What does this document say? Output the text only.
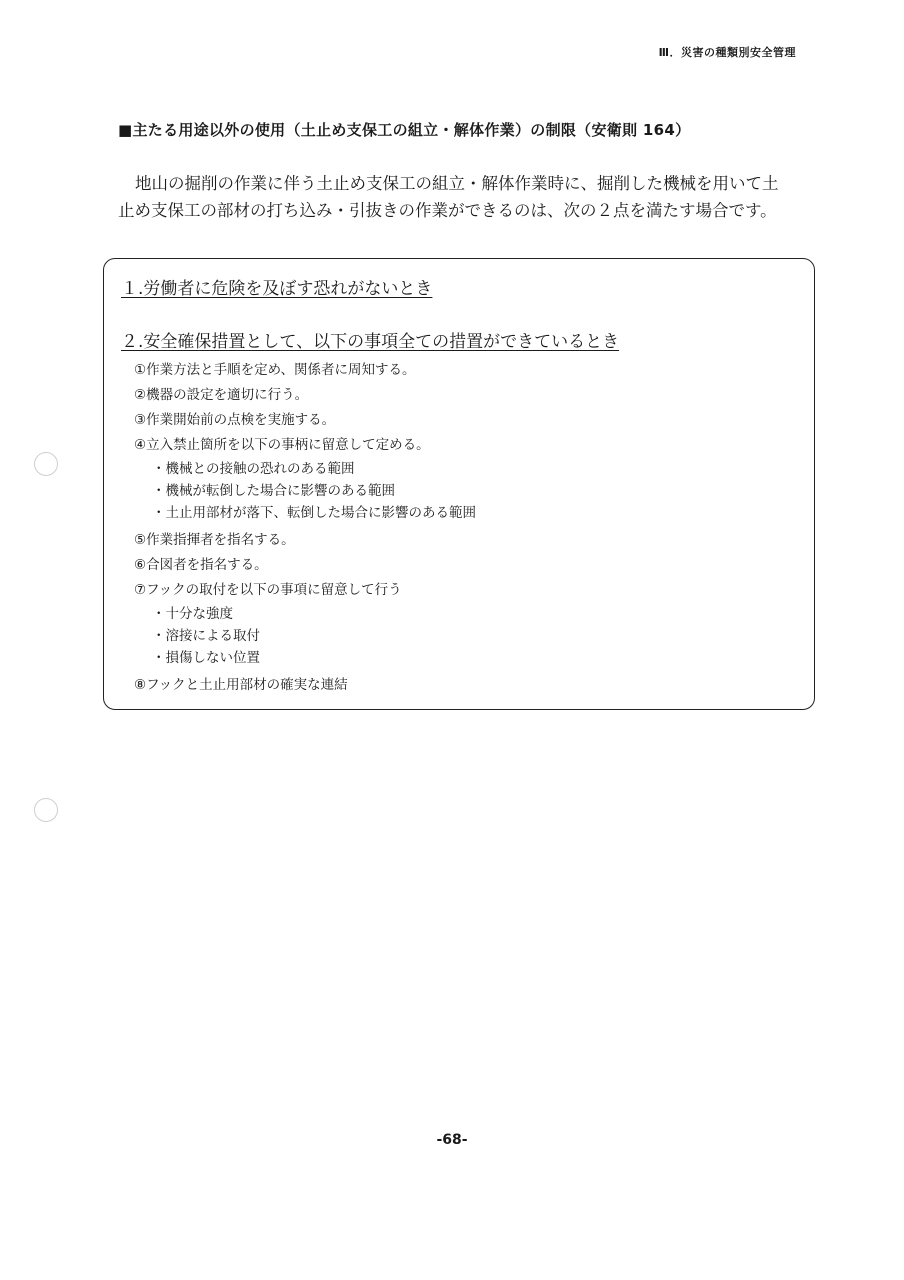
Ⅲ．災害の種類別安全管理
■主たる用途以外の使用（土止め支保工の組立・解体作業）の制限（安衛則 164）

地山の掘削の作業に伴う土止め支保工の組立・解体作業時に、掘削した機械を用いて土

止め支保工の部材の打ち込み・引抜きの作業ができるのは、次の２点を満たす場合です。

１.労働者に危険を及ぼす恐れがないとき
２.安全確保措置として、以下の事項全ての措置ができているとき
①作業方法と手順を定め、関係者に周知する。
②機器の設定を適切に行う。
③作業開始前の点検を実施する。
④立入禁止箇所を以下の事柄に留意して定める。
・機械との接触の恐れのある範囲
・機械が転倒した場合に影響のある範囲
・土止用部材が落下、転倒した場合に影響のある範囲
⑤作業指揮者を指名する。
⑥合図者を指名する。
⑦フックの取付を以下の事項に留意して行う
・十分な強度
・溶接による取付
・損傷しない位置
⑧フックと土止用部材の確実な連結
-68-
